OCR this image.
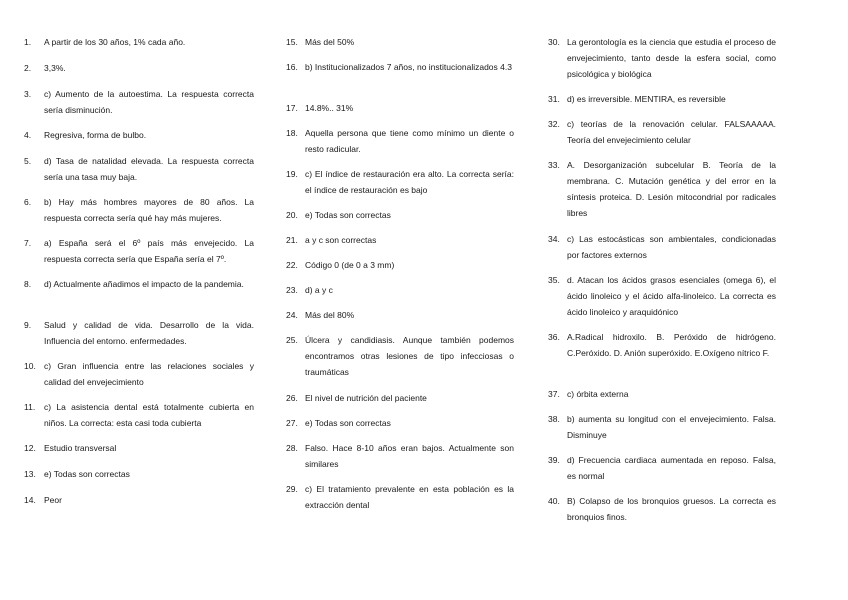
1.	A partir de los 30 años, 1% cada año.
2.	3,3%.
3.	c) Aumento de la autoestima. La respuesta correcta sería disminución.
4.	Regresiva, forma de bulbo.
5.	d) Tasa de natalidad elevada. La respuesta correcta sería una tasa muy baja.
6.	b) Hay más hombres mayores de 80 años. La respuesta correcta sería qué hay más mujeres.
7.	a) España será el 6º país más envejecido. La respuesta correcta sería que España sería el 7º.
8.	d) Actualmente añadimos el impacto de la pandemia.
9.	Salud y calidad de vida. Desarrollo de la vida. Influencia del entorno. enfermedades.
10. c) Gran influencia entre las relaciones sociales y calidad del envejecimiento
11.	c) La asistencia dental está totalmente cubierta en niños. La correcta: esta casi toda cubierta
12. Estudio transversal
13. e) Todas son correctas
14. Peor
15. Más del 50%
16. b) Institucionalizados 7 años, no institucionalizados 4.3
17. 14.8%.. 31%
18. Aquella persona que tiene como mínimo un diente o resto radicular.
19. c) El índice de restauración era alto. La correcta sería: el índice de restauración es bajo
20. e) Todas son correctas
21. a y c son correctas
22. Código 0 (de 0 a 3 mm)
23. d) a y c
24. Más del 80%
25. Úlcera y candidiasis. Aunque también podemos encontramos otras lesiones de tipo infecciosas o traumáticas
26. El nivel de nutrición del paciente
27. e) Todas son correctas
28. Falso. Hace 8-10 años eran bajos. Actualmente son similares
29. c) El tratamiento prevalente en esta población es la extracción dental
30. La gerontología es la ciencia que estudia el proceso de envejecimiento, tanto desde la esfera social, como psicológica y biológica
31. d) es irreversible. MENTIRA, es reversible
32. c) teorías de la renovación celular. FALSAAAAA. Teoría del envejecimiento celular
33. A. Desorganización subcelular B. Teoría de la membrana. C. Mutación genética y del error en la síntesis proteica. D. Lesión mitocondrial por radicales libres
34. c) Las estocásticas son ambientales, condicionadas por factores externos
35. d. Atacan los ácidos grasos esenciales (omega 6), el ácido linoleico y el ácido alfa-linoleico. La correcta es ácido linoleico y araquidónico
36. A.Radical hidroxilo. B. Peróxido de hidrógeno. C.Peróxido. D. Anión superóxido. E.Oxígeno nítrico F.
37. c) órbita externa
38. b) aumenta su longitud con el envejecimiento. Falsa. Disminuye
39. d) Frecuencia cardiaca aumentada en reposo. Falsa, es normal
40. B) Colapso de los bronquios gruesos. La correcta es bronquios finos.
